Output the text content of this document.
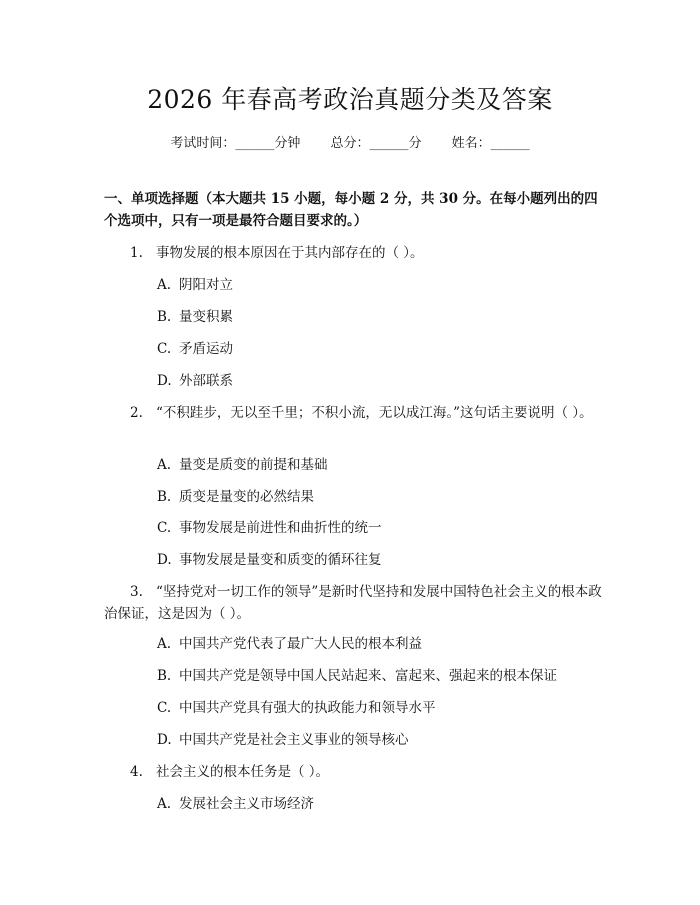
2026 年春高考政治真题分类及答案
考试时间：______分钟 总分：______分 姓名：______
一、单项选择题（本大题共 15 小题，每小题 2 分，共 30 分。在每小题列出的四个选项中，只有一项是最符合题目要求的。）
1. 事物发展的根本原因在于其内部存在的（ ）。
A. 阴阳对立
B. 量变积累
C. 矛盾运动
D. 外部联系
2. “不积跬步，无以至千里；不积小流，无以成江海。”这句话主要说明（ ）。
A. 量变是质变的前提和基础
B. 质变是量变的必然结果
C. 事物发展是前进性和曲折性的统一
D. 事物发展是量变和质变的循环往复
3. “坚持党对一切工作的领导”是新时代坚持和发展中国特色社会主义的根本政治保证，这是因为（ ）。
A. 中国共产党代表了最广大人民的根本利益
B. 中国共产党是领导中国人民站起来、富起来、强起来的根本保证
C. 中国共产党具有强大的执政能力和领导水平
D. 中国共产党是社会主义事业的领导核心
4. 社会主义的根本任务是（ ）。
A. 发展社会主义市场经济
